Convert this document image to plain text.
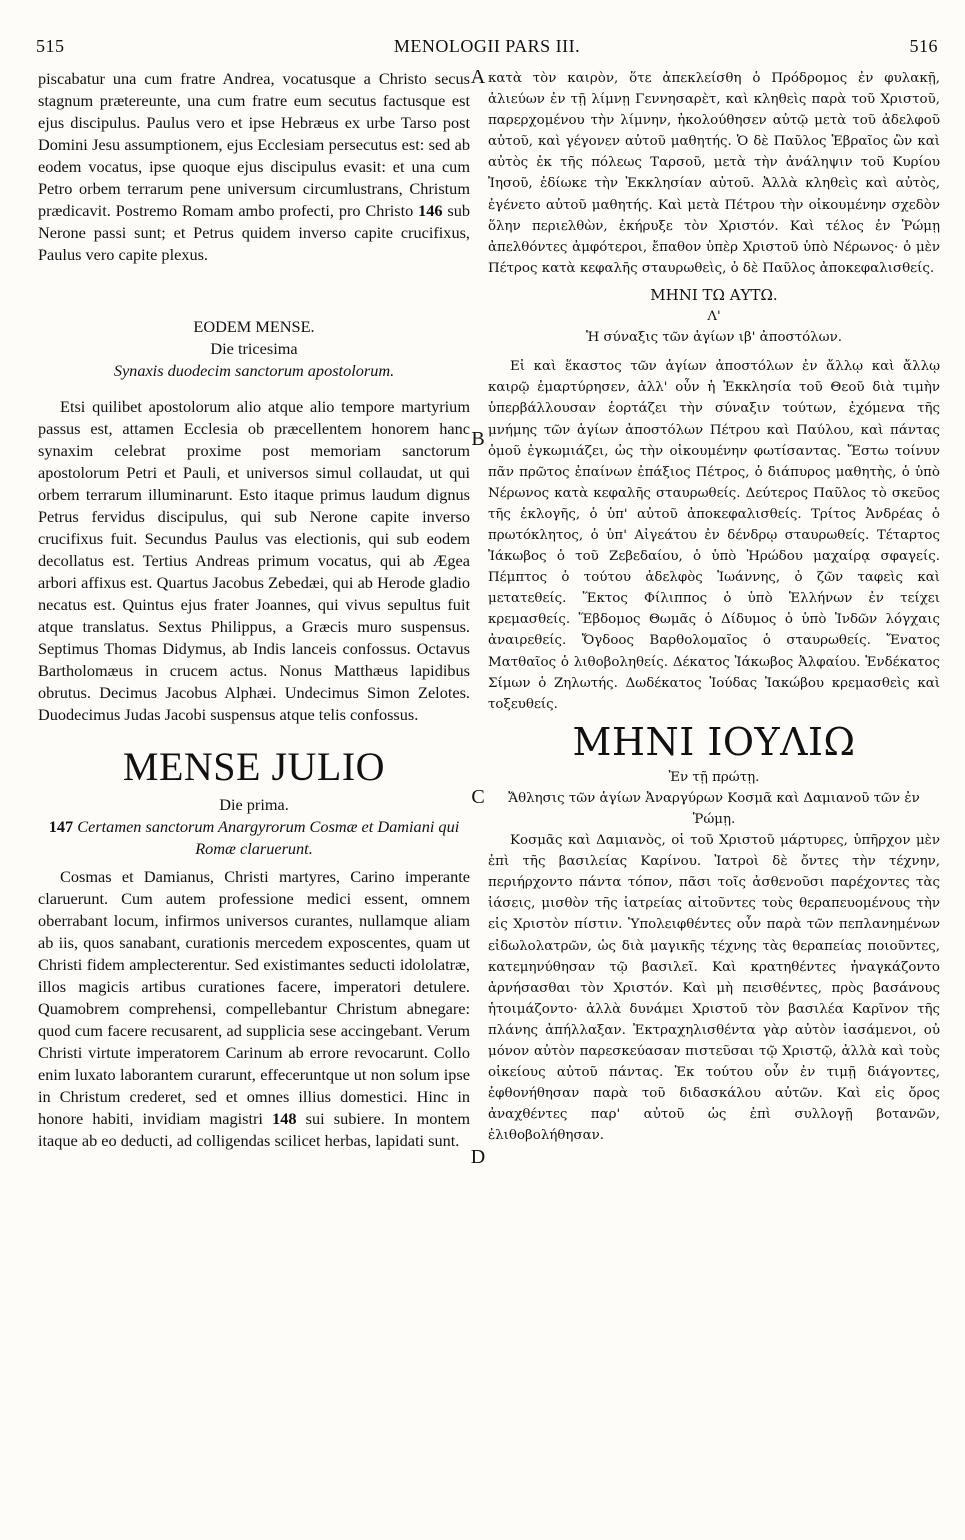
515	MENOLOGII PARS III.	516
A
B
C
D

piscabatur una cum fratre Andrea, vocatusque a Christo secus stagnum prætereunte, una cum fratre eum secutus factusque est ejus discipulus. Paulus vero et ipse Hebræus ex urbe Tarso post Domini Jesu assumptionem, ejus Ecclesiam persecutus est: sed ab eodem vocatus, ipse quoque ejus discipulus evasit: et una cum Petro orbem terrarum pene universum circumlustrans, Christum prædicavit. Postremo Romam ambo profecti, pro Christo 146 sub Nerone passi sunt; et Petrus quidem inverso capite crucifixus, Paulus vero capite plexus.

EODEM MENSE.

Die tricesima

Synaxis duodecim sanctorum apostolorum.

Etsi quilibet apostolorum alio atque alio tempore martyrium passus est, attamen Ecclesia ob præcellentem honorem hanc synaxim celebrat proxime post memoriam sanctorum apostolorum Petri et Pauli, et universos simul collaudat, ut qui orbem terrarum illuminarunt. Esto itaque primus laudum dignus Petrus fervidus discipulus, qui sub Nerone capite inverso crucifixus fuit. Secundus Paulus vas electionis, qui sub eodem decollatus est. Tertius Andreas primum vocatus, qui ab Ægea arbori affixus est. Quartus Jacobus Zebedæi, qui ab Herode gladio necatus est. Quintus ejus frater Joannes, qui vivus sepultus fuit atque translatus. Sextus Philippus, a Græcis muro suspensus. Septimus Thomas Didymus, ab Indis lanceis confossus. Octavus Bartholomæus in crucem actus. Nonus Matthæus lapidibus obrutus. Decimus Jacobus Alphæi. Undecimus Simon Zelotes. Duodecimus Judas Jacobi suspensus atque telis confossus.

MENSE JULIO

Die prima.

147 Certamen sanctorum Anargyrorum Cosmæ et Damiani qui Romæ claruerunt.

Cosmas et Damianus, Christi martyres, Carino imperante claruerunt. Cum autem professione medici essent, omnem oberrabant locum, infirmos universos curantes, nullamque aliam ab iis, quos sanabant, curationis mercedem exposcentes, quam ut Christi fidem amplecterentur. Sed existimantes seducti idololatræ, illos magicis artibus curationes facere, imperatori detulere. Quamobrem comprehensi, compellebantur Christum abnegare: quod cum facere recusarent, ad supplicia sese accingebant. Verum Christi virtute imperatorem Carinum ab errore revocarunt. Collo enim luxato laborantem curarunt, effeceruntque ut non solum ipse in Christum crederet, sed et omnes illius domestici. Hinc in honore habiti, invidiam magistri 148 sui subiere. In montem itaque ab eo deducti, ad colligendas scilicet herbas, lapidati sunt.

κατὰ τὸν καιρὸν, ὅτε ἀπεκλείσθη ὁ Πρόδρομος ἐν φυλακῇ, ἁλιεύων ἐν τῇ λίμνῃ Γεννησαρὲτ, καὶ κληθεὶς παρὰ τοῦ Χριστοῦ, παρερχομένου τὴν λίμνην, ἠκολούθησεν αὐτῷ μετὰ τοῦ ἀδελφοῦ αὐτοῦ, καὶ γέγονεν αὐτοῦ μαθητής. Ὁ δὲ Παῦλος Ἑβραῖος ὢν καὶ αὐτὸς ἐκ τῆς πόλεως Ταρσοῦ, μετὰ τὴν ἀνάληψιν τοῦ Κυρίου Ἰησοῦ, ἐδίωκε τὴν Ἐκκλησίαν αὐτοῦ. Ἀλλὰ κληθεὶς καὶ αὐτὸς, ἐγένετο αὐτοῦ μαθητής. Καὶ μετὰ Πέτρου τὴν οἰκουμένην σχεδὸν ὅλην περιελθὼν, ἐκήρυξε τὸν Χριστόν. Καὶ τέλος ἐν Ῥώμῃ ἀπελθόντες ἀμφότεροι, ἔπαθον ὑπὲρ Χριστοῦ ὑπὸ Νέρωνος· ὁ μὲν Πέτρος κατὰ κεφαλῆς σταυρωθεὶς, ὁ δὲ Παῦλος ἀποκεφαλισθείς.

ΜΗΝΙ ΤΩ ΑΥΤΩ.

Λ'

Ἡ σύναξις τῶν ἁγίων ιβ' ἀποστόλων.

Εἰ καὶ ἕκαστος τῶν ἁγίων ἀποστόλων ἐν ἄλλῳ καὶ ἄλλῳ καιρῷ ἐμαρτύρησεν, ἀλλ' οὖν ἡ Ἐκκλησία τοῦ Θεοῦ διὰ τιμὴν ὑπερβάλλουσαν ἑορτάζει τὴν σύναξιν τούτων, ἐχόμενα τῆς μνήμης τῶν ἁγίων ἀποστόλων Πέτρου καὶ Παύλου, καὶ πάντας ὁμοῦ ἐγκωμιάζει, ὡς τὴν οἰκουμένην φωτίσαντας. Ἔστω τοίνυν πᾶν πρῶτος ἐπαίνων ἐπάξιος Πέτρος, ὁ διάπυρος μαθητὴς, ὁ ὑπὸ Νέρωνος κατὰ κεφαλῆς σταυρωθείς. Δεύτερος Παῦλος τὸ σκεῦος τῆς ἐκλογῆς, ὁ ὑπ' αὐτοῦ ἀποκεφαλισθείς. Τρίτος Ἀνδρέας ὁ πρωτόκλητος, ὁ ὑπ' Αἰγεάτου ἐν δένδρῳ σταυρωθείς. Τέταρτος Ἰάκωβος ὁ τοῦ Ζεβεδαίου, ὁ ὑπὸ Ἡρώδου μαχαίρᾳ σφαγείς. Πέμπτος ὁ τούτου ἀδελφὸς Ἰωάννης, ὁ ζῶν ταφεὶς καὶ μετατεθείς. Ἕκτος Φίλιππος ὁ ὑπὸ Ἑλλήνων ἐν τείχει κρεμασθείς. Ἕβδομος Θωμᾶς ὁ Δίδυμος ὁ ὑπὸ Ἰνδῶν λόγχαις ἀναιρεθείς. Ὄγδοος Βαρθολομαῖος ὁ σταυρωθείς. Ἔνατος Ματθαῖος ὁ λιθοβοληθείς. Δέκατος Ἰάκωβος Ἀλφαίου. Ἑνδέκατος Σίμων ὁ Ζηλωτής. Δωδέκατος Ἰούδας Ἰακώβου κρεμασθεὶς καὶ τοξευθείς.

ΜΗΝΙ ΙΟΥΛΙΩ

Ἐν τῇ πρώτῃ.

Ἄθλησις τῶν ἁγίων Ἀναργύρων Κοσμᾶ καὶ Δαμιανοῦ τῶν ἐν Ῥώμῃ.

Κοσμᾶς καὶ Δαμιανὸς, οἱ τοῦ Χριστοῦ μάρτυρες, ὑπῆρχον μὲν ἐπὶ τῆς βασιλείας Καρίνου. Ἰατροὶ δὲ ὄντες τὴν τέχνην, περιήρχοντο πάντα τόπον, πᾶσι τοῖς ἀσθενοῦσι παρέχοντες τὰς ἰάσεις, μισθὸν τῆς ἰατρείας αἰτοῦντες τοὺς θεραπευομένους τὴν εἰς Χριστὸν πίστιν. Ὑπολειφθέντες οὖν παρὰ τῶν πεπλανημένων εἰδωλολατρῶν, ὡς διὰ μαγικῆς τέχνης τὰς θεραπείας ποιοῦντες, κατεμηνύθησαν τῷ βασιλεῖ. Καὶ κρατηθέντες ἠναγκάζοντο ἀρνήσασθαι τὸν Χριστόν. Καὶ μὴ πεισθέντες, πρὸς βασάνους ἡτοιμάζοντο· ἀλλὰ δυνάμει Χριστοῦ τὸν βασιλέα Καρῖνον τῆς πλάνης ἀπήλλαξαν. Ἐκτραχηλισθέντα γὰρ αὐτὸν ἰασάμενοι, οὐ μόνον αὐτὸν παρεσκεύασαν πιστεῦσαι τῷ Χριστῷ, ἀλλὰ καὶ τοὺς οἰκείους αὐτοῦ πάντας. Ἐκ τούτου οὖν ἐν τιμῇ διάγοντες, ἐφθονήθησαν παρὰ τοῦ διδασκάλου αὐτῶν. Καὶ εἰς ὄρος ἀναχθέντες παρ' αὐτοῦ ὡς ἐπὶ συλλογῇ βοτανῶν, ἐλιθοβολήθησαν.
